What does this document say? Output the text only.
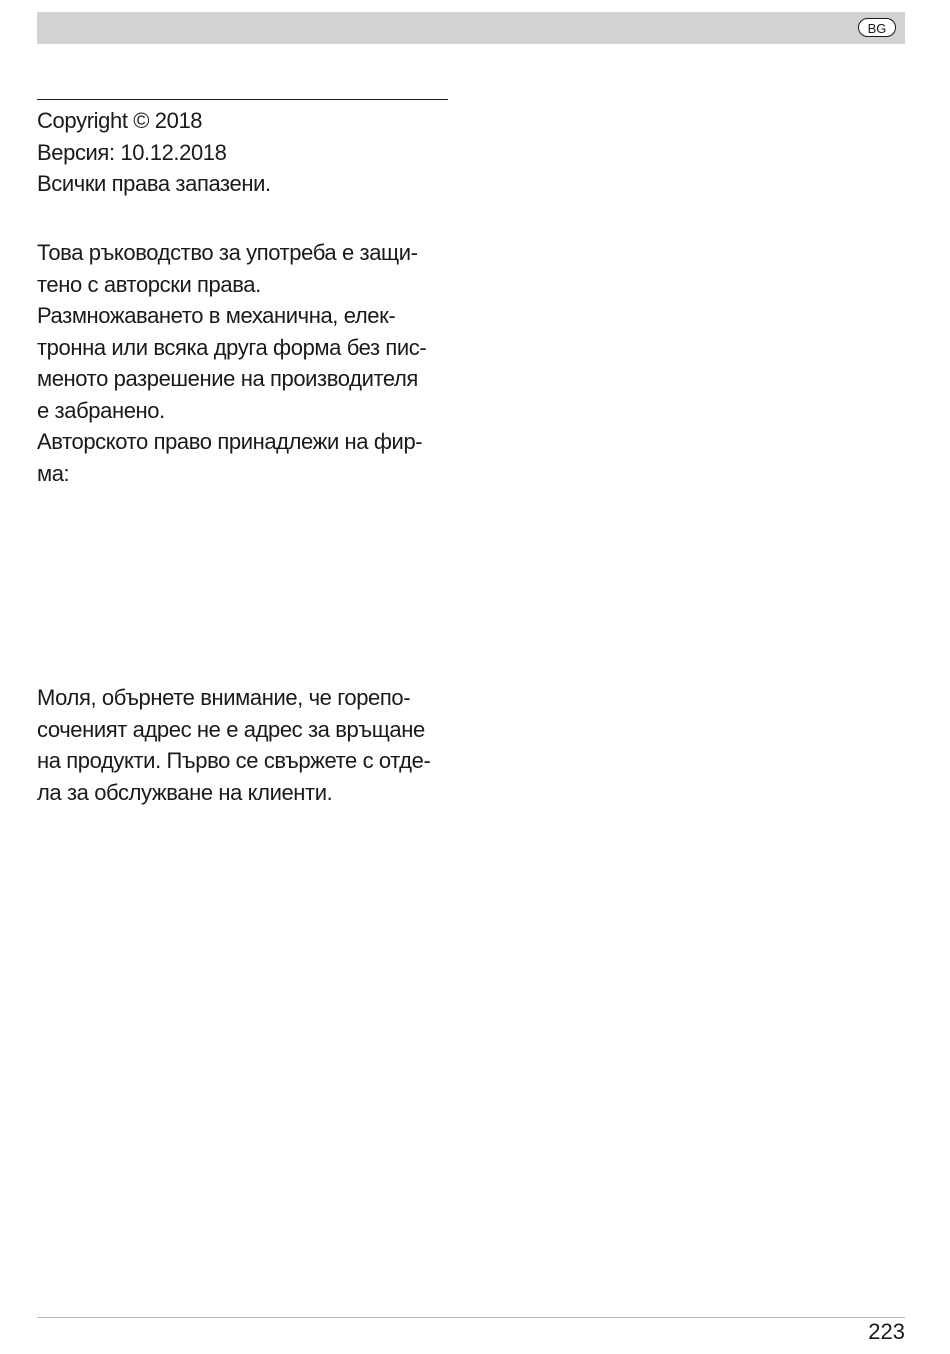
BG
Copyright © 2018
Версия: 10.12.2018
Всички права запазени.
Това ръководство за употреба е защи-
тено с авторски права.
Размножаването в механична, елек-
тронна или всяка друга форма без пис-
меното разрешение на производителя
е забранено.
Авторското право принадлежи на фир-
ма:
Моля, обърнете внимание, че горепо-
сочeният адрес не е адрес за връщане
на продукти. Първо се свържете с отде-
ла за обслужване на клиенти.
223
